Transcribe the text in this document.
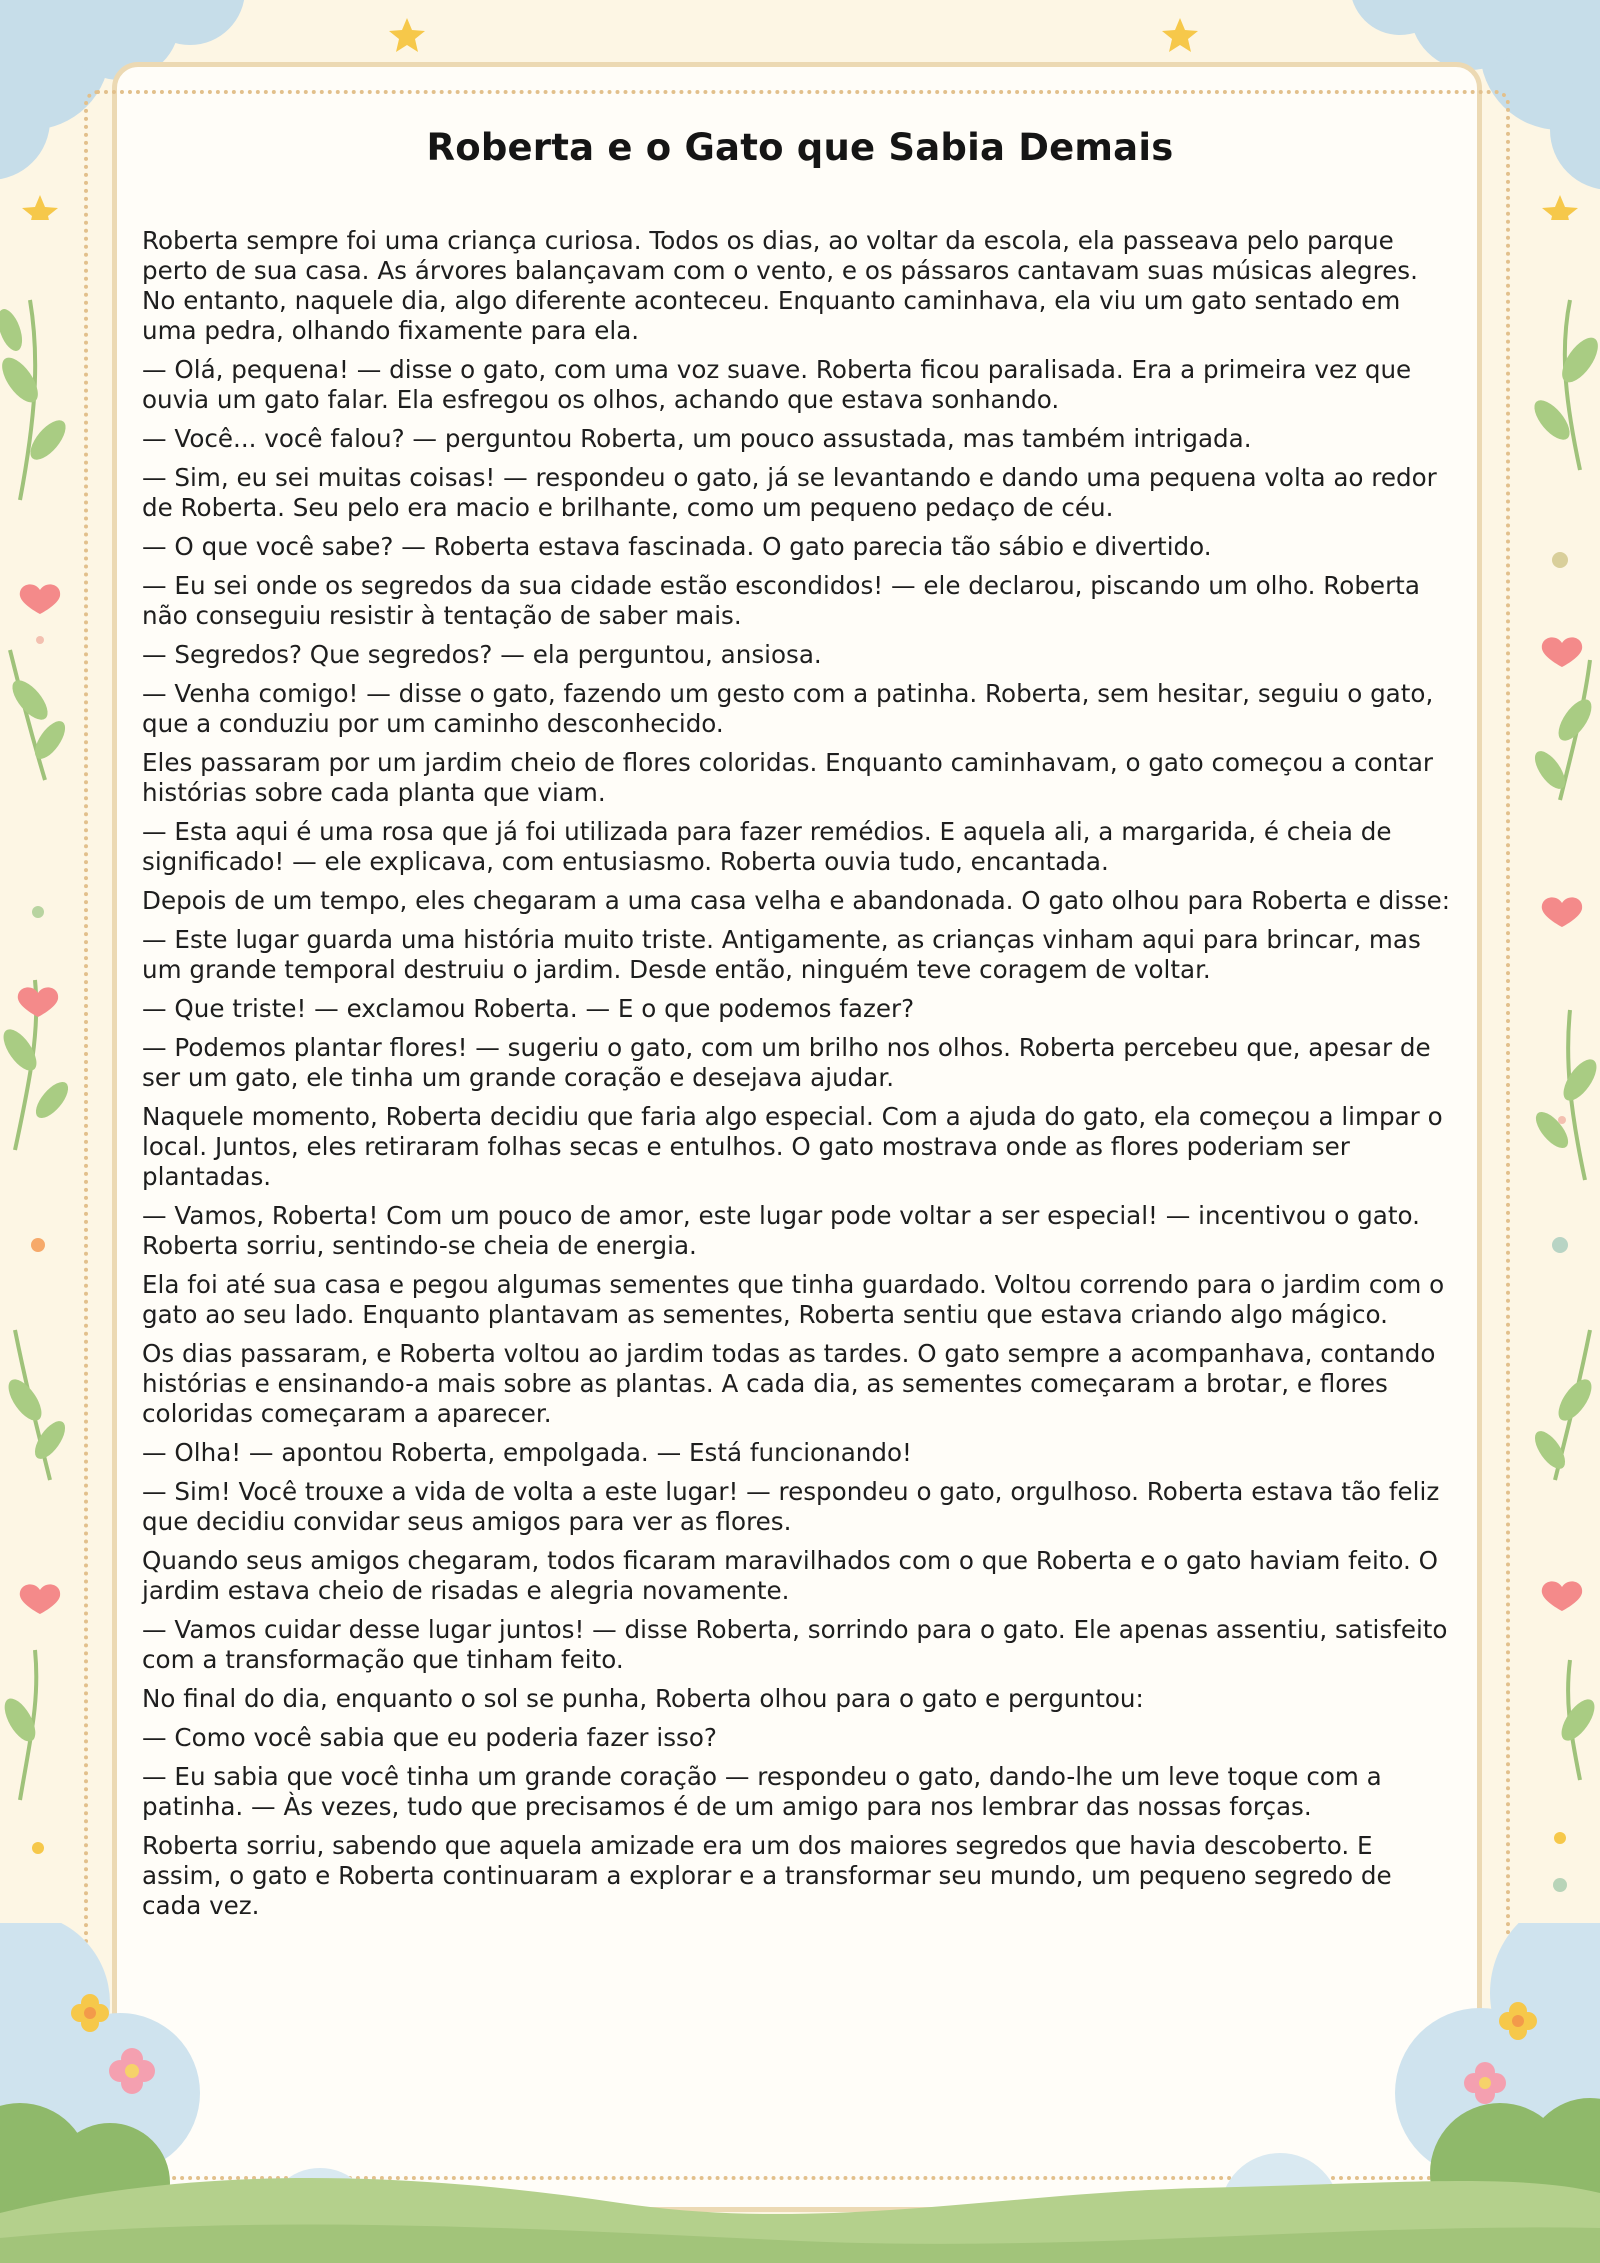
Roberta e o Gato que Sabia Demais

Roberta sempre foi uma criança curiosa. Todos os dias, ao voltar da escola, ela passeava pelo parque perto de sua casa. As árvores balançavam com o vento, e os pássaros cantavam suas músicas alegres. No entanto, naquele dia, algo diferente aconteceu. Enquanto caminhava, ela viu um gato sentado em uma pedra, olhando fixamente para ela.

— Olá, pequena! — disse o gato, com uma voz suave. Roberta ficou paralisada. Era a primeira vez que ouvia um gato falar. Ela esfregou os olhos, achando que estava sonhando.

— Você... você falou? — perguntou Roberta, um pouco assustada, mas também intrigada.

— Sim, eu sei muitas coisas! — respondeu o gato, já se levantando e dando uma pequena volta ao redor de Roberta. Seu pelo era macio e brilhante, como um pequeno pedaço de céu.

— O que você sabe? — Roberta estava fascinada. O gato parecia tão sábio e divertido.

— Eu sei onde os segredos da sua cidade estão escondidos! — ele declarou, piscando um olho. Roberta não conseguiu resistir à tentação de saber mais.

— Segredos? Que segredos? — ela perguntou, ansiosa.

— Venha comigo! — disse o gato, fazendo um gesto com a patinha. Roberta, sem hesitar, seguiu o gato, que a conduziu por um caminho desconhecido.

Eles passaram por um jardim cheio de flores coloridas. Enquanto caminhavam, o gato começou a contar histórias sobre cada planta que viam.

— Esta aqui é uma rosa que já foi utilizada para fazer remédios. E aquela ali, a margarida, é cheia de significado! — ele explicava, com entusiasmo. Roberta ouvia tudo, encantada.

Depois de um tempo, eles chegaram a uma casa velha e abandonada. O gato olhou para Roberta e disse:

— Este lugar guarda uma história muito triste. Antigamente, as crianças vinham aqui para brincar, mas um grande temporal destruiu o jardim. Desde então, ninguém teve coragem de voltar.

— Que triste! — exclamou Roberta. — E o que podemos fazer?

— Podemos plantar flores! — sugeriu o gato, com um brilho nos olhos. Roberta percebeu que, apesar de ser um gato, ele tinha um grande coração e desejava ajudar.

Naquele momento, Roberta decidiu que faria algo especial. Com a ajuda do gato, ela começou a limpar o local. Juntos, eles retiraram folhas secas e entulhos. O gato mostrava onde as flores poderiam ser plantadas.

— Vamos, Roberta! Com um pouco de amor, este lugar pode voltar a ser especial! — incentivou o gato. Roberta sorriu, sentindo-se cheia de energia.

Ela foi até sua casa e pegou algumas sementes que tinha guardado. Voltou correndo para o jardim com o gato ao seu lado. Enquanto plantavam as sementes, Roberta sentiu que estava criando algo mágico.

Os dias passaram, e Roberta voltou ao jardim todas as tardes. O gato sempre a acompanhava, contando histórias e ensinando-a mais sobre as plantas. A cada dia, as sementes começaram a brotar, e flores coloridas começaram a aparecer.

— Olha! — apontou Roberta, empolgada. — Está funcionando!

— Sim! Você trouxe a vida de volta a este lugar! — respondeu o gato, orgulhoso. Roberta estava tão feliz que decidiu convidar seus amigos para ver as flores.

Quando seus amigos chegaram, todos ficaram maravilhados com o que Roberta e o gato haviam feito. O jardim estava cheio de risadas e alegria novamente.

— Vamos cuidar desse lugar juntos! — disse Roberta, sorrindo para o gato. Ele apenas assentiu, satisfeito com a transformação que tinham feito.

No final do dia, enquanto o sol se punha, Roberta olhou para o gato e perguntou:

— Como você sabia que eu poderia fazer isso?

— Eu sabia que você tinha um grande coração — respondeu o gato, dando-lhe um leve toque com a patinha. — Às vezes, tudo que precisamos é de um amigo para nos lembrar das nossas forças.

Roberta sorriu, sabendo que aquela amizade era um dos maiores segredos que havia descoberto. E assim, o gato e Roberta continuaram a explorar e a transformar seu mundo, um pequeno segredo de cada vez.
